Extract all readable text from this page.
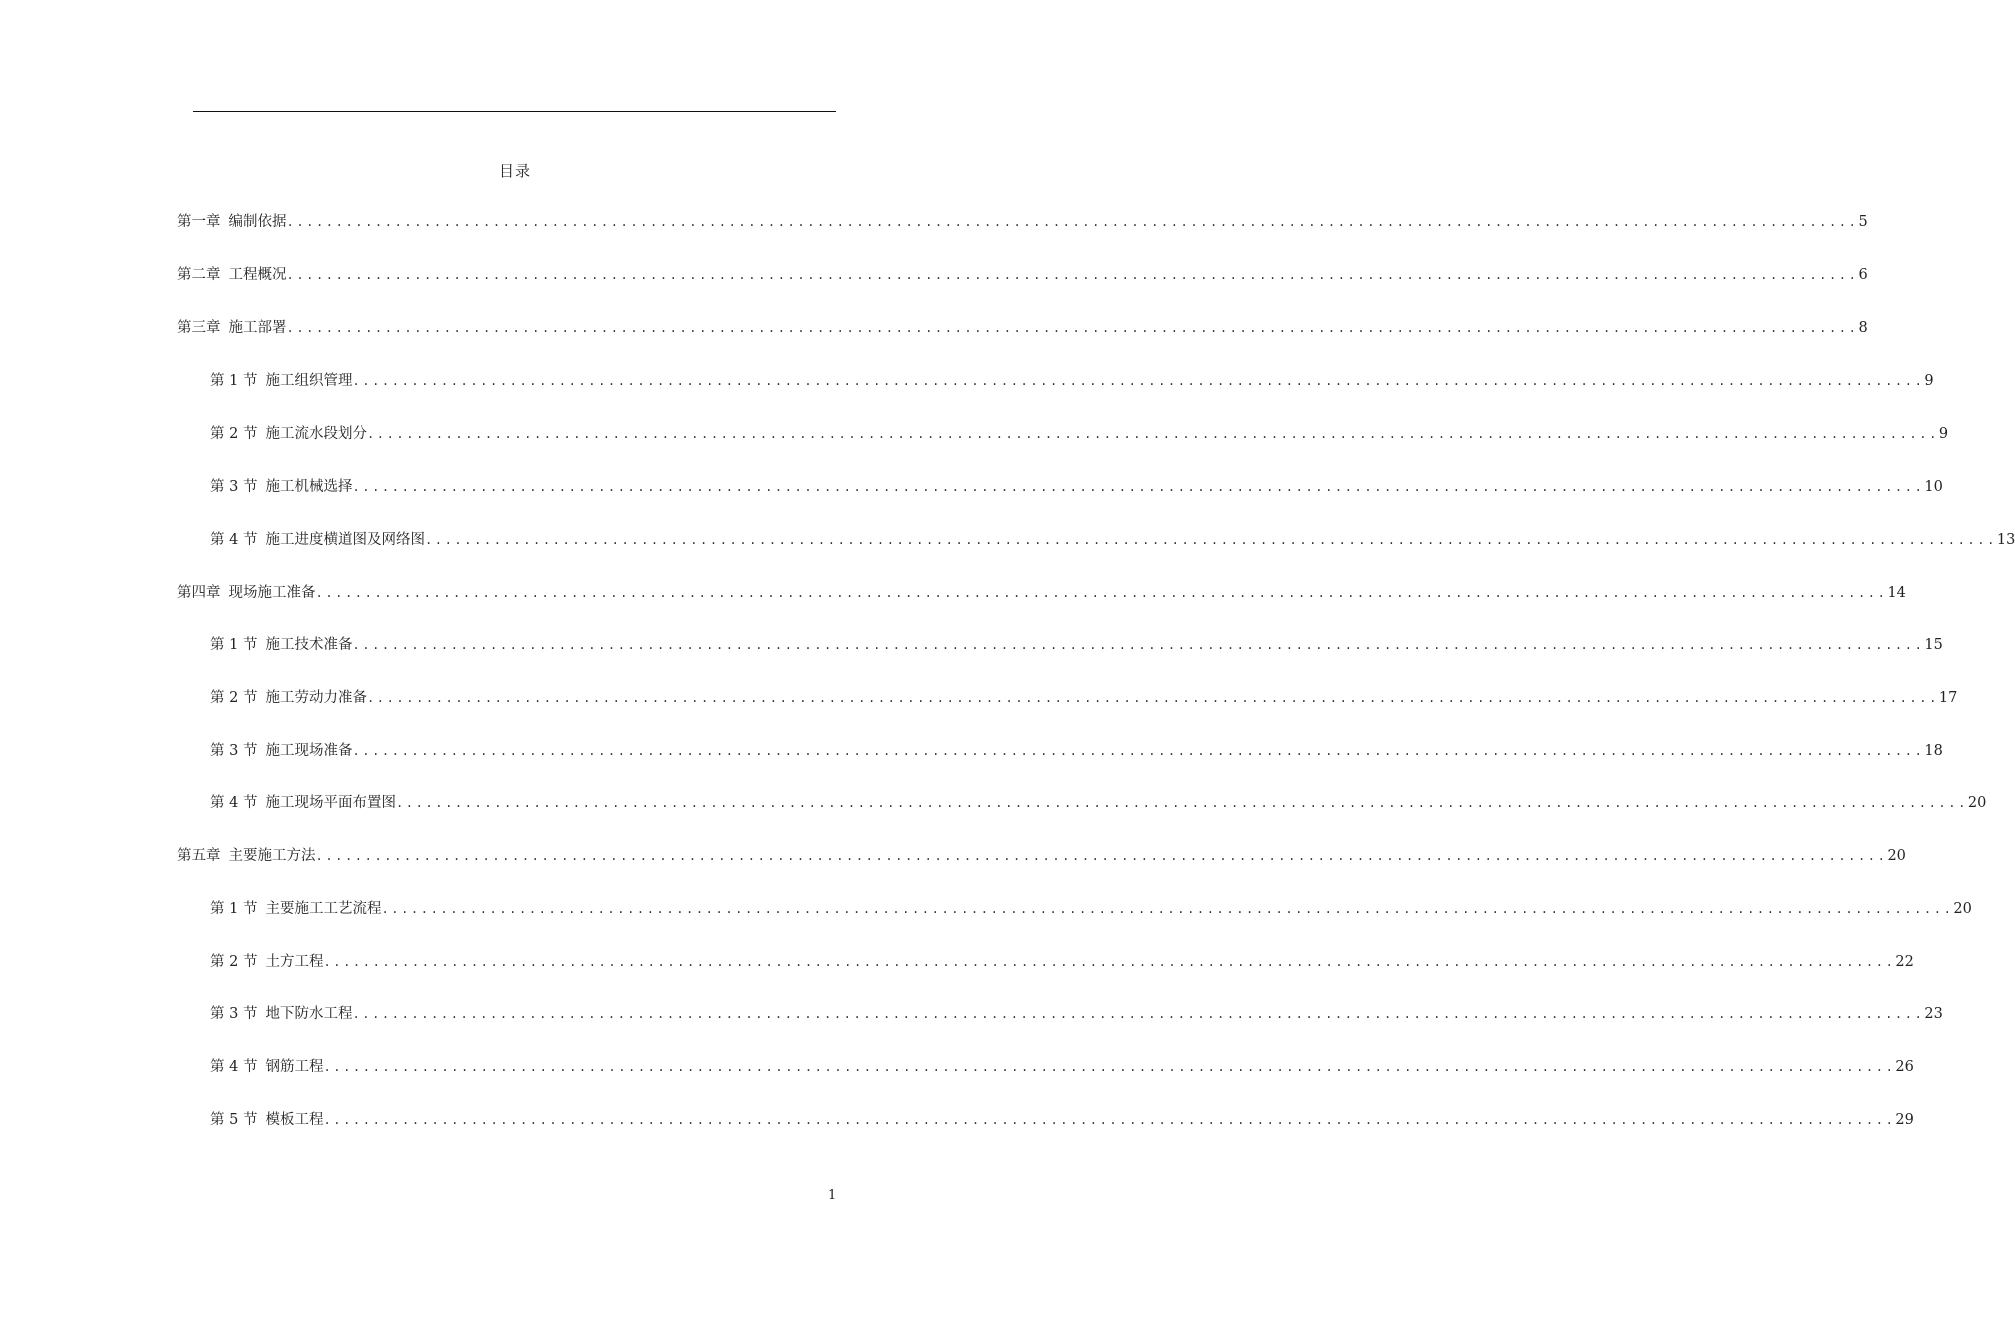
目录
第一章 编制依据 ................................................................................................................................................................ 5
第二章 工程概况 ................................................................................................................................................................ 6
第三章 施工部署 ................................................................................................................................................................ 8
第 1 节 施工组织管理 ................................................................................................................................................................ 9
第 2 节 施工流水段划分 ................................................................................................................................................................ 9
第 3 节 施工机械选择 ................................................................................................................................................................ 10
第 4 节 施工进度横道图及网络图 ................................................................................................................................................................ 13
第四章 现场施工准备 ................................................................................................................................................................ 14
第 1 节 施工技术准备 ................................................................................................................................................................ 15
第 2 节 施工劳动力准备 ................................................................................................................................................................ 17
第 3 节 施工现场准备 ................................................................................................................................................................ 18
第 4 节 施工现场平面布置图 ................................................................................................................................................................ 20
第五章 主要施工方法 ................................................................................................................................................................ 20
第 1 节 主要施工工艺流程 ................................................................................................................................................................ 20
第 2 节 土方工程 ................................................................................................................................................................ 22
第 3 节 地下防水工程 ................................................................................................................................................................ 23
第 4 节 钢筋工程 ................................................................................................................................................................ 26
第 5 节 模板工程 ................................................................................................................................................................ 29
1
